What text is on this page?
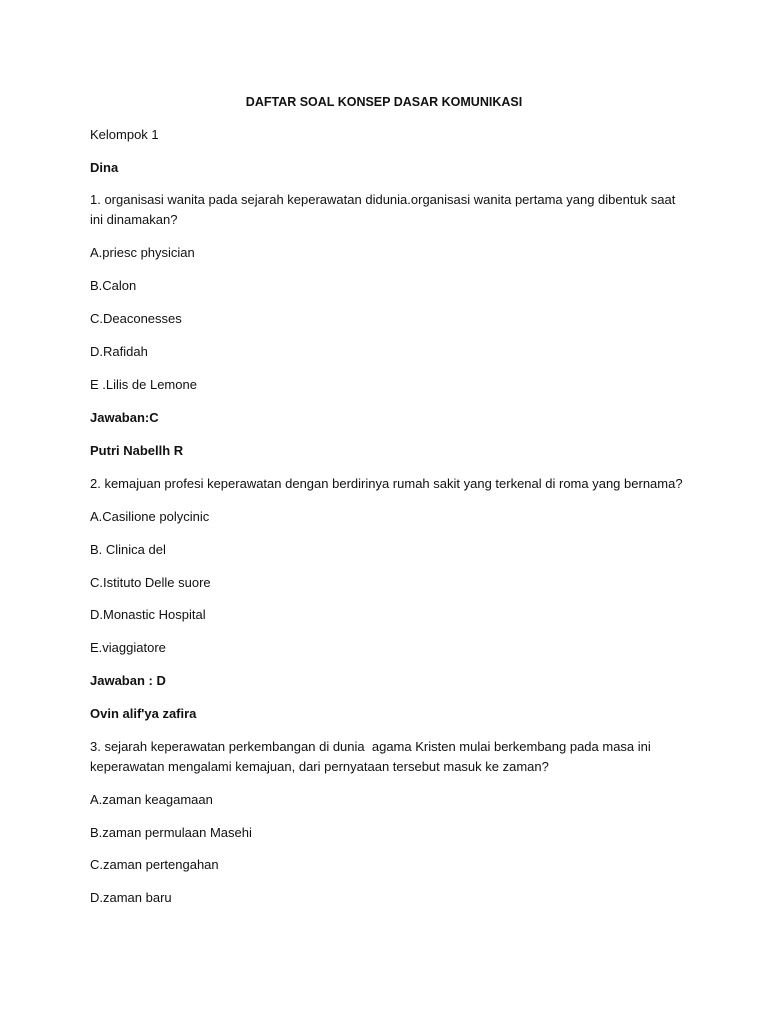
DAFTAR SOAL KONSEP DASAR KOMUNIKASI
Kelompok 1
Dina
1. organisasi wanita pada sejarah keperawatan didunia.organisasi wanita pertama yang dibentuk saat ini dinamakan?
A.priesc physician
B.Calon
C.Deaconesses
D.Rafidah
E .Lilis de Lemone
Jawaban:C
Putri Nabellh R
2. kemajuan profesi keperawatan dengan berdirinya rumah sakit yang terkenal di roma yang bernama?
A.Casilione polycinic
B. Clinica del
C.Istituto Delle suore
D.Monastic Hospital
E.viaggiatore
Jawaban : D
Ovin alif'ya zafira
3. sejarah keperawatan perkembangan di dunia  agama Kristen mulai berkembang pada masa ini keperawatan mengalami kemajuan, dari pernyataan tersebut masuk ke zaman?
A.zaman keagamaan
B.zaman permulaan Masehi
C.zaman pertengahan
D.zaman baru
